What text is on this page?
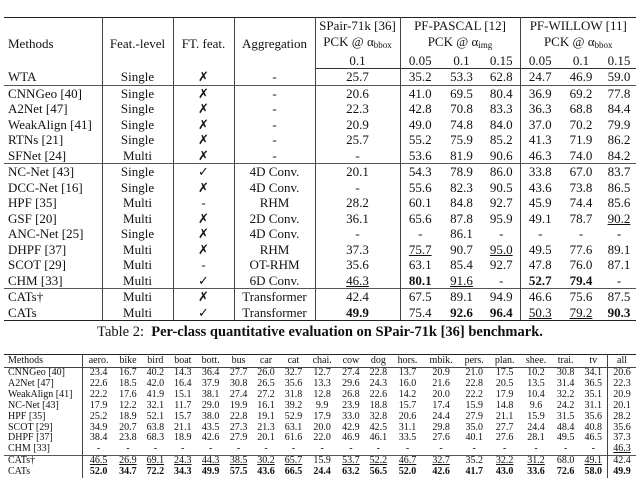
Methods	Feat.-level	FT. feat.	Aggregation	SPair-71k [36]	PF-PASCAL [12]			PF-WILLOW [11]		
				PCK @ $\alpha_{bbox}$	PCK @ $\alpha_{img}$			PCK @ $\alpha_{bbox}$
				0.1	0.05	0.1	0.15	0.05	0.1	0.15
WTA	Single	✗	-	25.7	35.2	53.3	62.8	24.7	46.9	59.0
CNNGeo [40]	Single	✗	-	20.6	41.0	69.5	80.4	36.9	69.2	77.8
A2Net [47]	Single	✗	-	22.3	42.8	70.8	83.3	36.3	68.8	84.4
WeakAlign [41]	Single	✗	-	20.9	49.0	74.8	84.0	37.0	70.2	79.9
RTNs [21]	Single	✗	-	25.7	55.2	75.9	85.2	41.3	71.9	86.2
SFNet [24]	Multi	✗	-	-	53.6	81.9	90.6	46.3	74.0	84.2
NC-Net [43]	Single	✓	4D Conv.	20.1	54.3	78.9	86.0	33.8	67.0	83.7
DCC-Net [16]	Single	✗	4D Conv.	-	55.6	82.3	90.5	43.6	73.8	86.5
HPF [35]	Multi	-	RHM	28.2	60.1	84.8	92.7	45.9	74.4	85.6
GSF [20]	Multi	✗	2D Conv.	36.1	65.6	87.8	95.9	49.1	78.7	90.2
ANC-Net [25]	Single	✗	4D Conv.	-	-	86.1	-	-	-	-
DHPF [37]	Multi	✗	RHM	37.3	75.7	90.7	95.0	49.5	77.6	89.1
SCOT [29]	Multi	-	OT-RHM	35.6	63.1	85.4	92.7	47.8	76.0	87.1
CHM [33]	Multi	✓	6D Conv.	46.3	80.1	91.6	-	52.7	79.4	-
CATs†	Multi	✗	Transformer	42.4	67.5	89.1	94.9	46.6	75.6	87.5
CATs	Multi	✓	Transformer	49.9	75.4	92.6	96.4	50.3	79.2	90.3
Table 2: Per-class quantitative evaluation on SPair-71k [36] benchmark.
Methods	aero.	bike	bird	boat	bott.	bus	car	cat	chai.	cow	dog	hors.	mbik.	pers.	plan.	shee.	trai.	tv	all
CNNGeo [40]	23.4	16.7	40.2	14.3	36.4	27.7	26.0	32.7	12.7	27.4	22.8	13.7	20.9	21.0	17.5	10.2	30.8	34.1	20.6
A2Net [47]	22.6	18.5	42.0	16.4	37.9	30.8	26.5	35.6	13.3	29.6	24.3	16.0	21.6	22.8	20.5	13.5	31.4	36.5	22.3
WeakAlign [41]	22.2	17.6	41.9	15.1	38.1	27.4	27.2	31.8	12.8	26.8	22.6	14.2	20.0	22.2	17.9	10.4	32.2	35.1	20.9
NC-Net [43]	17.9	12.2	32.1	11.7	29.0	19.9	16.1	39.2	9.9	23.9	18.8	15.7	17.4	15.9	14.8	9.6	24.2	31.1	20.1
HPF [35]	25.2	18.9	52.1	15.7	38.0	22.8	19.1	52.9	17.9	33.0	32.8	20.6	24.4	27.9	21.1	15.9	31.5	35.6	28.2
SCOT [29]	34.9	20.7	63.8	21.1	43.5	27.3	21.3	63.1	20.0	42.9	42.5	31.1	29.8	35.0	27.7	24.4	48.4	40.8	35.6
DHPF [37]	38.4	23.8	68.3	18.9	42.6	27.9	20.1	61.6	22.0	46.9	46.1	33.5	27.6	40.1	27.6	28.1	49.5	46.5	37.3
CHM [33]	-	-	-	-	-	-	-	-	-	-	-	-	-	-	-	-	-	-	46.3
CATs†	46.5	26.9	69.1	24.3	44.3	38.5	30.2	65.7	15.9	53.7	52.2	46.7	32.7	35.2	32.2	31.2	68.0	49.1	42.4
CATs	52.0	34.7	72.2	34.3	49.9	57.5	43.6	66.5	24.4	63.2	56.5	52.0	42.6	41.7	43.0	33.6	72.6	58.0	49.9
